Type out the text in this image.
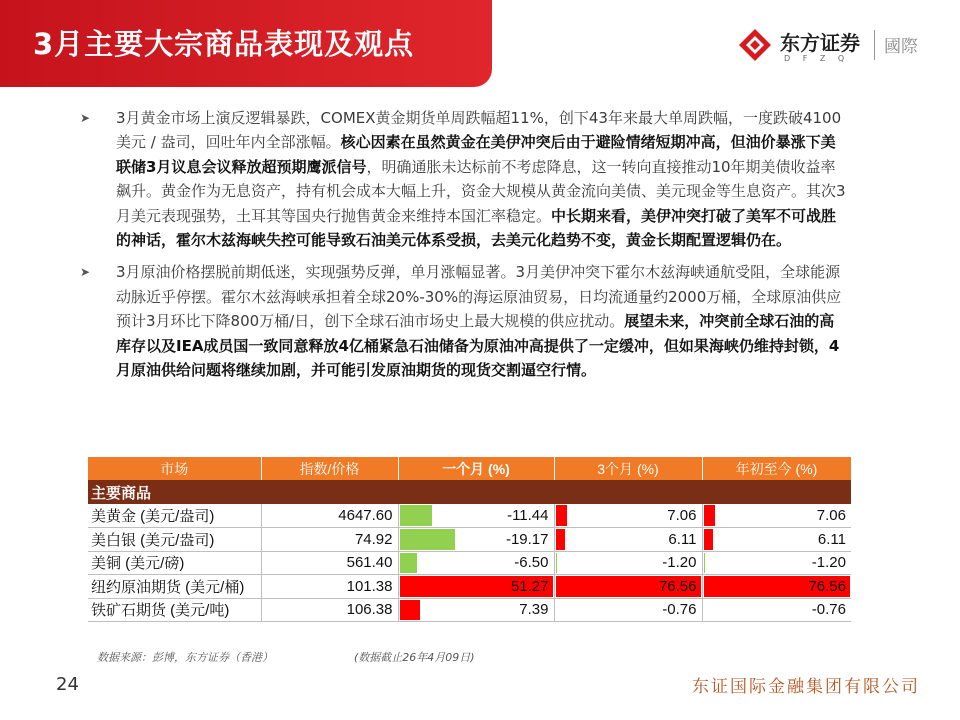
3月主要大宗商品表现及观点	东方证券
D F Z Q
國際
➤ 3月黄金市场上演反逻辑暴跌，COMEX黄金期货单周跌幅超11%，创下43年来最大单周跌幅，一度跌破4100美元 / 盎司，回吐年内全部涨幅。核心因素在虽然黄金在美伊冲突后由于避险情绪短期冲高，但油价暴涨下美联储3月议息会议释放超预期鹰派信号，明确通胀未达标前不考虑降息，这一转向直接推动10年期美债收益率飙升。黄金作为无息资产，持有机会成本大幅上升，资金大规模从黄金流向美债、美元现金等生息资产。其次3月美元表现强势，土耳其等国央行抛售黄金来维持本国汇率稳定。中长期来看，美伊冲突打破了美军不可战胜的神话，霍尔木兹海峡失控可能导致石油美元体系受损，去美元化趋势不变，黄金长期配置逻辑仍在。
➤ 3月原油价格摆脱前期低迷，实现强势反弹，单月涨幅显著。3月美伊冲突下霍尔木兹海峡通航受阻，全球能源动脉近乎停摆。霍尔木兹海峡承担着全球20%-30%的海运原油贸易，日均流通量约2000万桶，全球原油供应预计3月环比下降800万桶/日，创下全球石油市场史上最大规模的供应扰动。展望未来，冲突前全球石油的高库存以及IEA成员国一致同意释放4亿桶紧急石油储备为原油冲高提供了一定缓冲，但如果海峡仍维持封锁，4月原油供给问题将继续加剧，并可能引发原油期货的现货交割逼空行情。
市场	指数/价格	一个月 (%)	3个月 (%)	年初至今 (%)
主要商品				
美黄金 (美元/盎司)	4647.60	-11.44	7.06	7.06

美白银 (美元/盎司)	74.92	-19.17	6.11	6.11

美铜 (美元/磅)	561.40	-6.50	-1.20	-1.20

纽约原油期货 (美元/桶)	101.38	51.27	76.56	76.56

铁矿石期货 (美元/吨)	106.38	7.39	-0.76	-0.76
数据来源：彭博，东方证券（香港）	(数据截止26年4月09日)
24	东证国际金融集团有限公司
